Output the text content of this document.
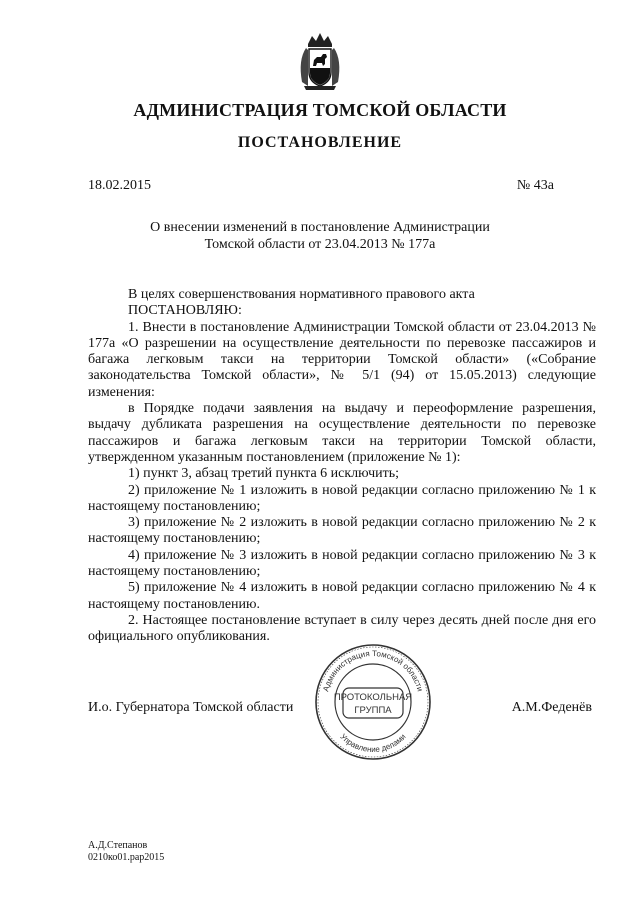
АДМИНИСТРАЦИЯ ТОМСКОЙ ОБЛАСТИ
ПОСТАНОВЛЕНИЕ
18.02.2015	№ 43а
О внесении изменений в постановление Администрации
Томской области от 23.04.2013 № 177а

В целях совершенствования нормативного правового акта

ПОСТАНОВЛЯЮ:

1. Внести в постановление Администрации Томской области от 23.04.2013 № 177а «О разрешении на осуществление деятельности по перевозке пассажиров и багажа легковым такси на территории Томской области» («Собрание законодательства Томской области», № 5/1 (94) от 15.05.2013) следующие изменения:

в Порядке подачи заявления на выдачу и переоформление разрешения, выдачу дубликата разрешения на осуществление деятельности по перевозке пассажиров и багажа легковым такси на территории Томской области, утвержденном указанным постановлением (приложение № 1):

1) пункт 3, абзац третий пункта 6 исключить;

2) приложение № 1 изложить в новой редакции согласно приложению № 1 к настоящему постановлению;

3) приложение № 2 изложить в новой редакции согласно приложению № 2 к настоящему постановлению;

4) приложение № 3 изложить в новой редакции согласно приложению № 3 к настоящему постановлению;

5) приложение № 4 изложить в новой редакции согласно приложению № 4 к настоящему постановлению.

2. Настоящее постановление вступает в силу через десять дней после дня его официального опубликования.

И.о. Губернатора Томской области	А.М.Феденёв
Администрация Томской области
Управление делами
ПРОТОКОЛЬНАЯ
ГРУППА
А.Д.Степанов
0210ко01.рар2015
